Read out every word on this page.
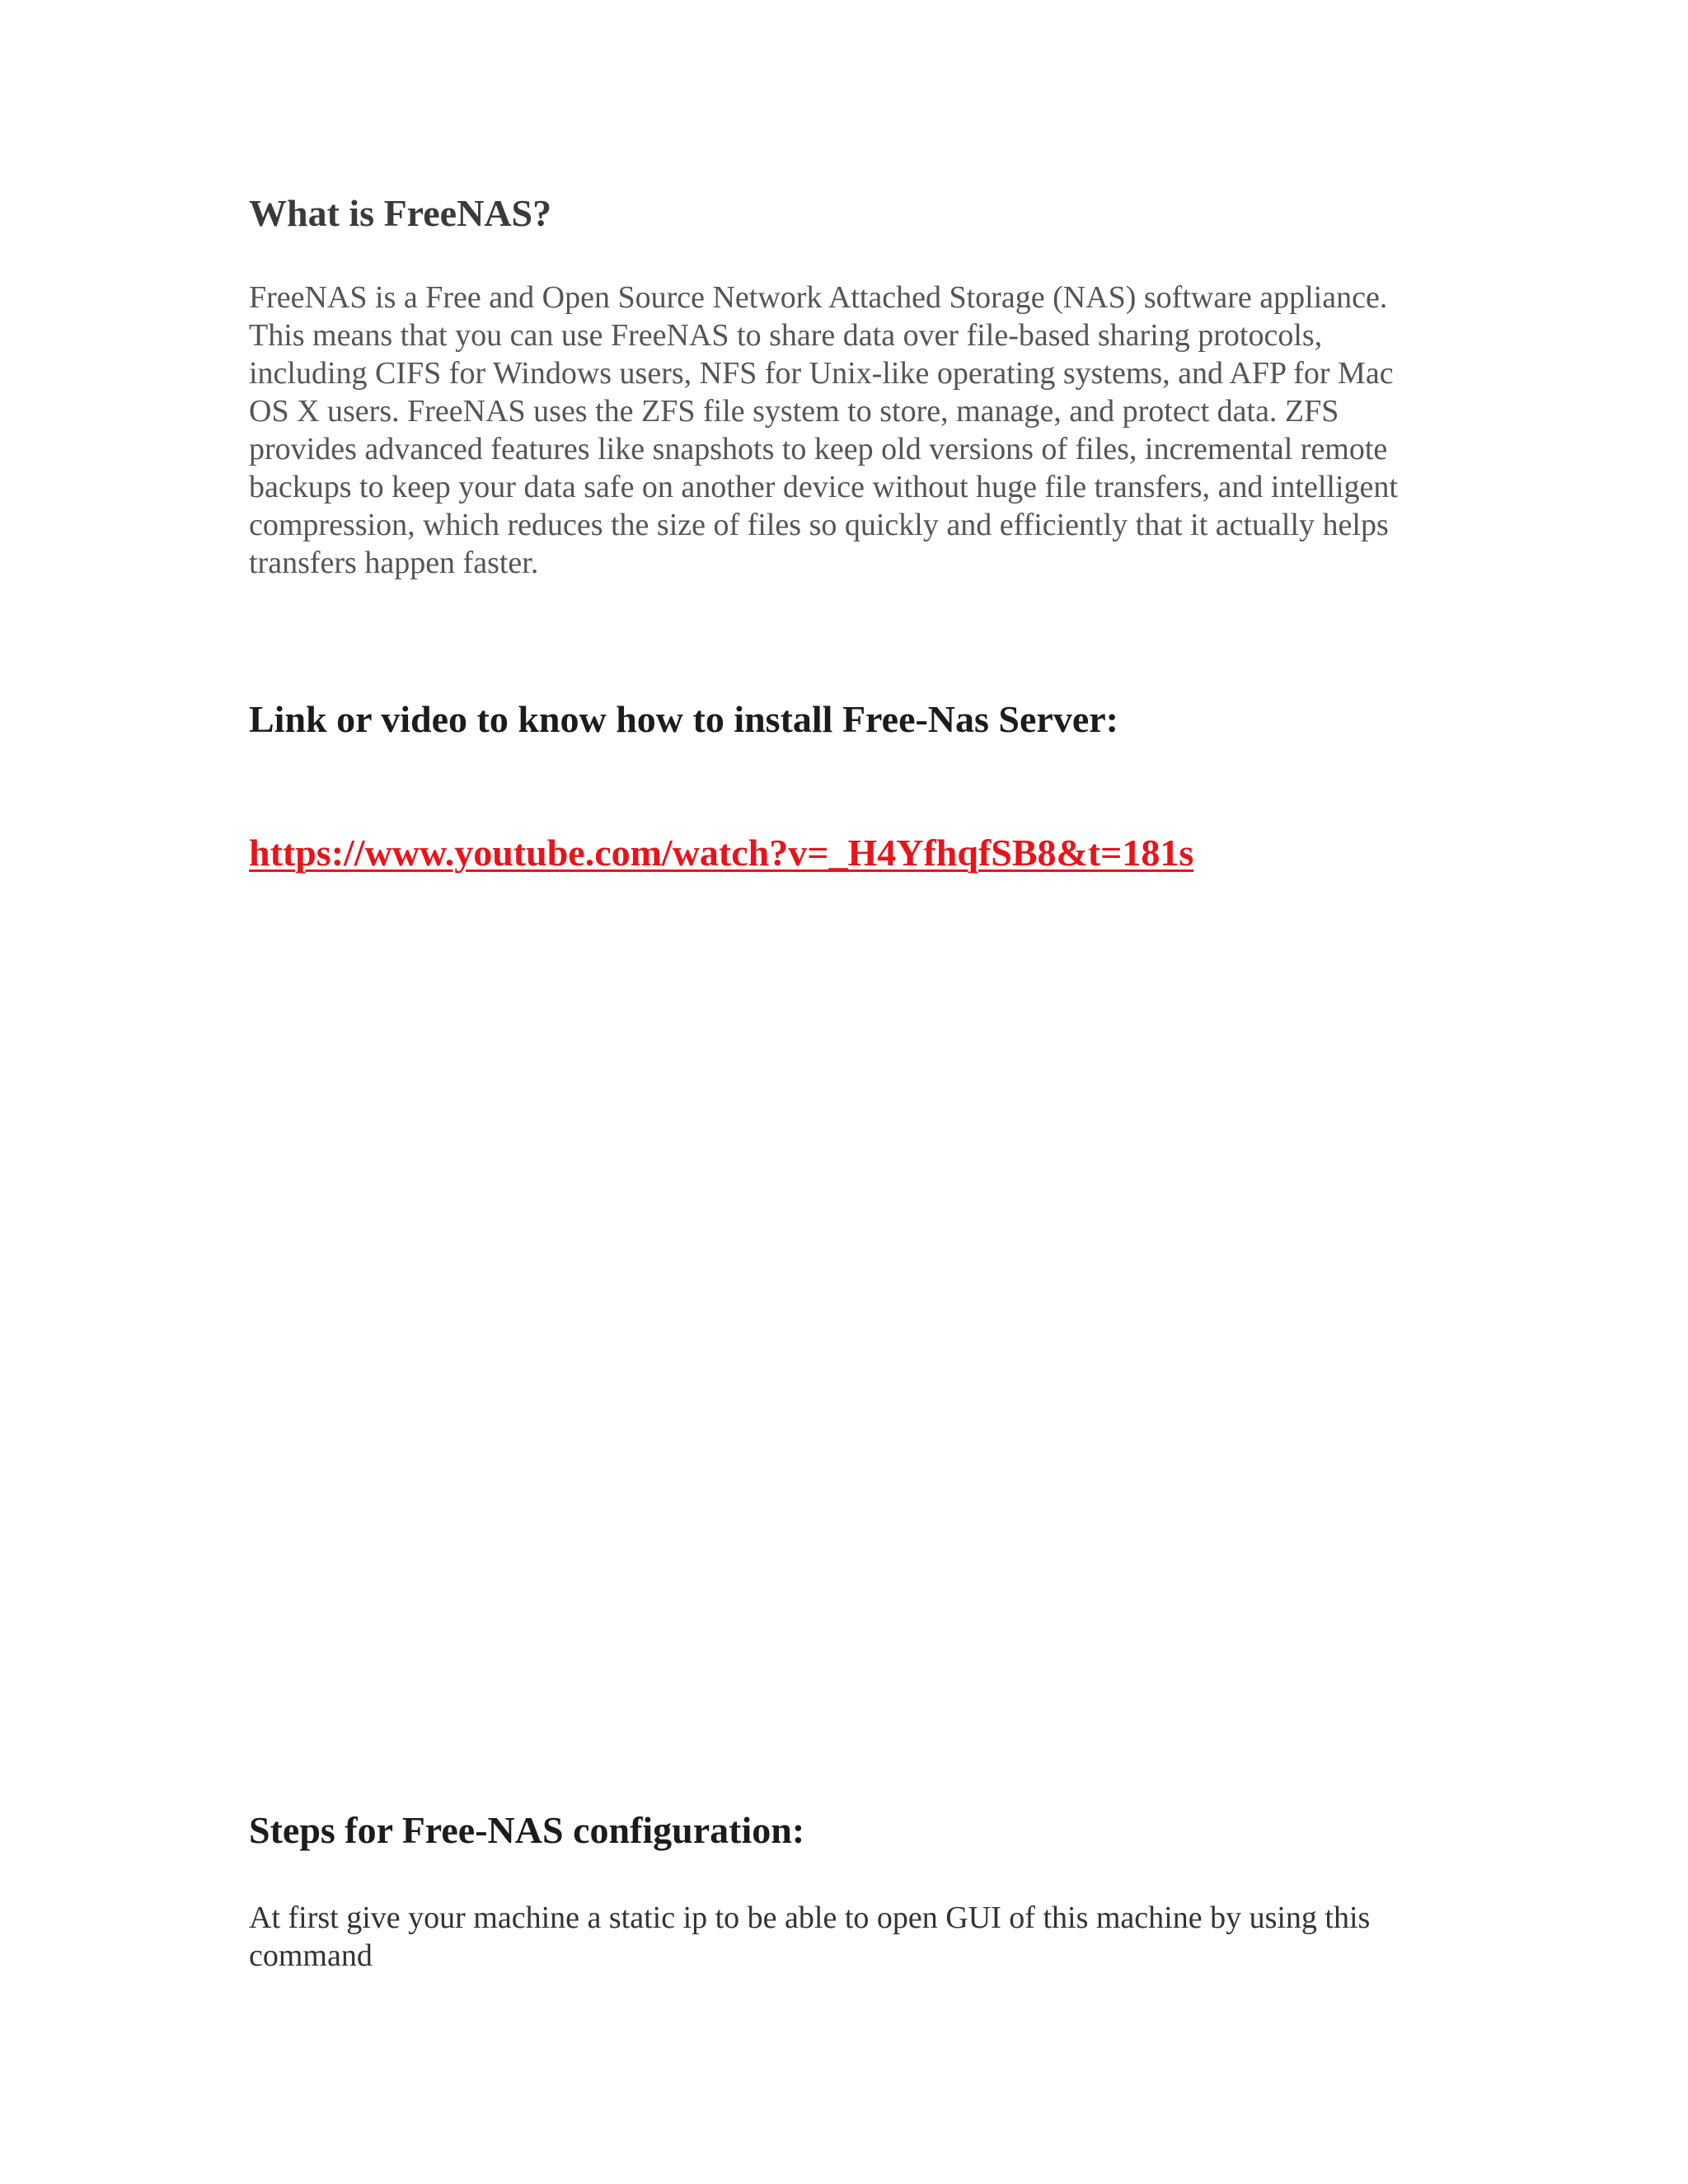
What is FreeNAS?

FreeNAS is a Free and Open Source Network Attached Storage (NAS) software appliance. This means that you can use FreeNAS to share data over file-based sharing protocols, including CIFS for Windows users, NFS for Unix-like operating systems, and AFP for Mac OS X users. FreeNAS uses the ZFS file system to store, manage, and protect data. ZFS provides advanced features like snapshots to keep old versions of files, incremental remote backups to keep your data safe on another device without huge file transfers, and intelligent compression, which reduces the size of files so quickly and efficiently that it actually helps transfers happen faster.

Link or video to know how to install Free-Nas Server:
https://www.youtube.com/watch?v=_H4YfhqfSB8&t=181s
Steps for Free-NAS configuration:

At first give your machine a static ip to be able to open GUI of this machine by using this command
